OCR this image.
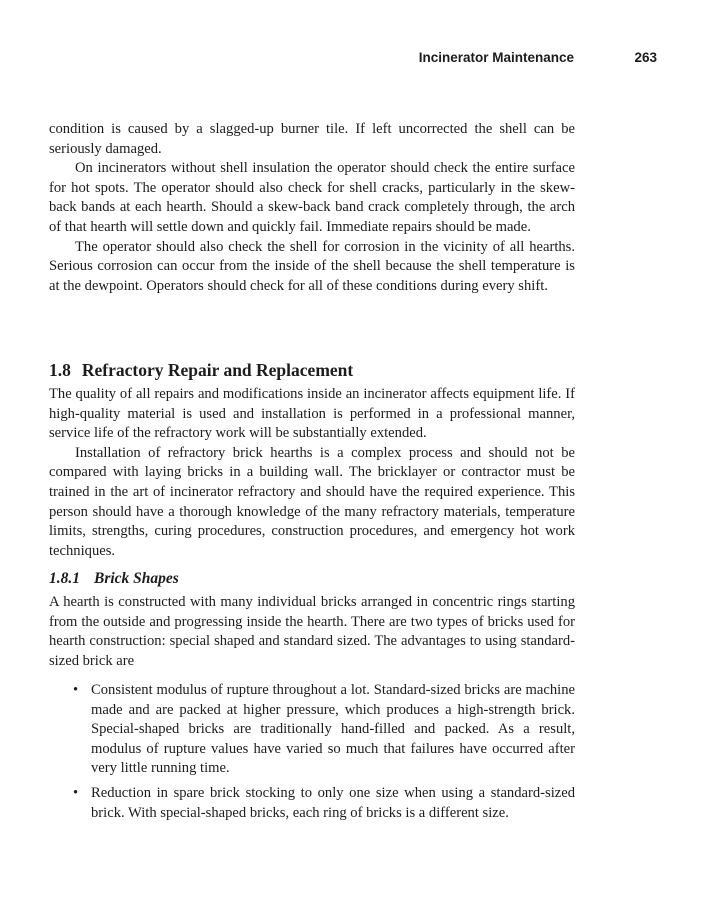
Incinerator Maintenance	263

condition is caused by a slagged-up burner tile. If left uncorrected the shell can be seriously damaged.

On incinerators without shell insulation the operator should check the entire surface for hot spots. The operator should also check for shell cracks, particularly in the skew-back bands at each hearth. Should a skew-back band crack completely through, the arch of that hearth will settle down and quickly fail. Immediate repairs should be made.

The operator should also check the shell for corrosion in the vicinity of all hearths. Serious corrosion can occur from the inside of the shell because the shell temperature is at the dewpoint. Operators should check for all of these conditions during every shift.

1.8 Refractory Repair and Replacement

The quality of all repairs and modifications inside an incinerator affects equipment life. If high-quality material is used and installation is performed in a professional manner, service life of the refractory work will be substantially extended.

Installation of refractory brick hearths is a complex process and should not be compared with laying bricks in a building wall. The bricklayer or contractor must be trained in the art of incinerator refractory and should have the required experience. This person should have a thorough knowledge of the many refractory materials, temperature limits, strengths, curing procedures, construction procedures, and emergency hot work techniques.

1.8.1 Brick Shapes

A hearth is constructed with many individual bricks arranged in concentric rings starting from the outside and progressing inside the hearth. There are two types of bricks used for hearth construction: special shaped and standard sized. The advantages to using standard-sized brick are

• Consistent modulus of rupture throughout a lot. Standard-sized bricks are machine made and are packed at higher pressure, which produces a high-strength brick. Special-shaped bricks are traditionally hand-filled and packed. As a result, modulus of rupture values have varied so much that failures have occurred after very little running time.
• Reduction in spare brick stocking to only one size when using a standard-sized brick. With special-shaped bricks, each ring of bricks is a different size.
